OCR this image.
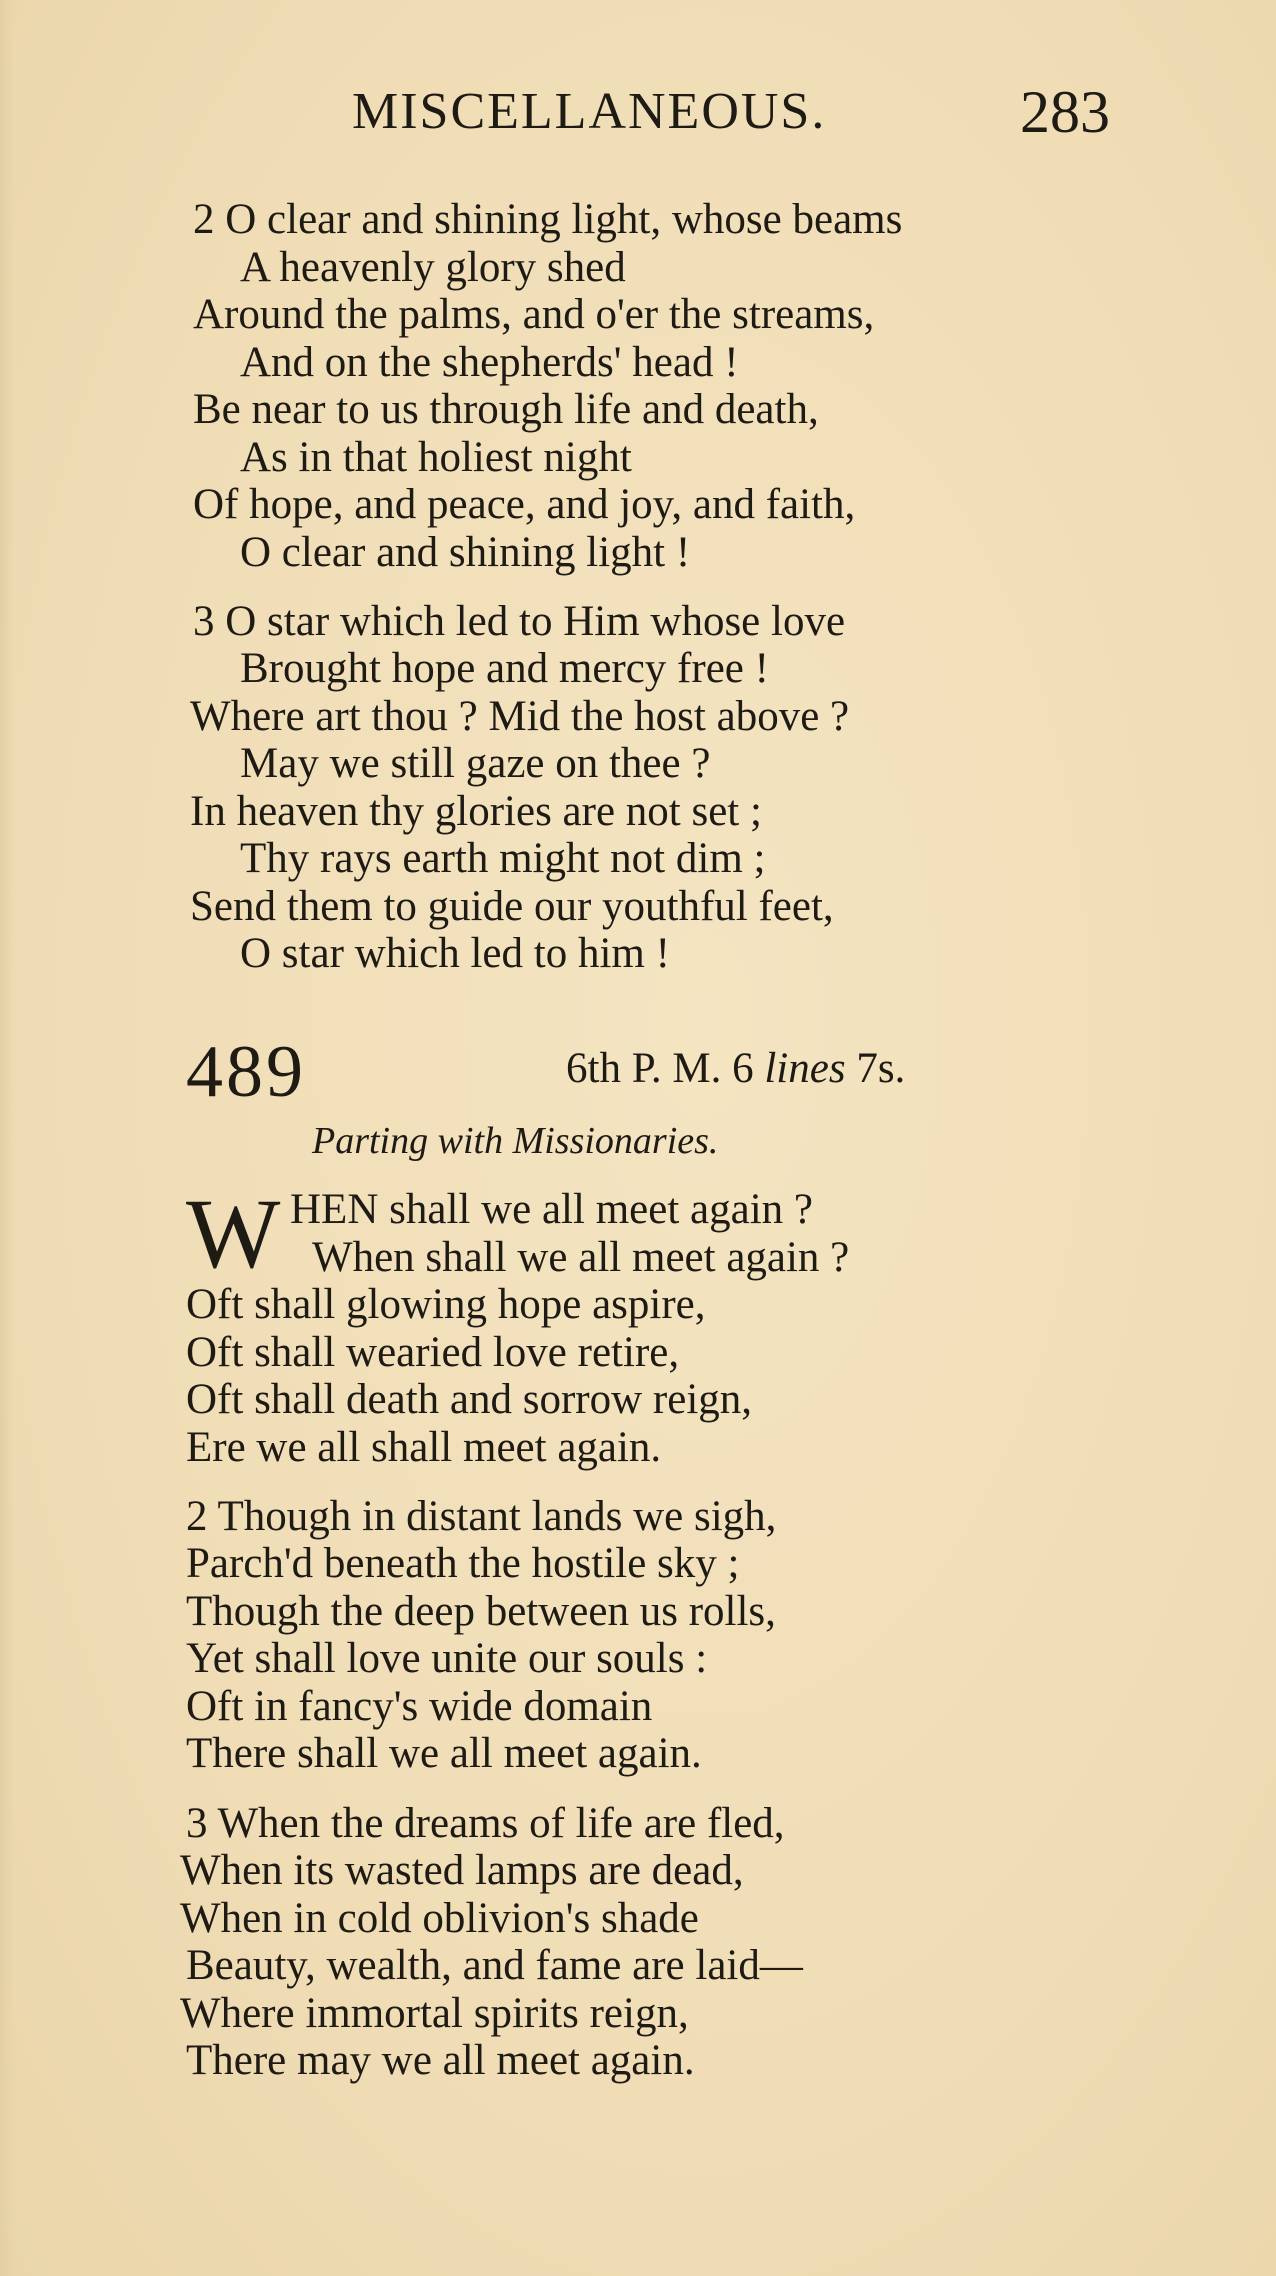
MISCELLANEOUS.	283
2 O clear and shining light, whose beams
A heavenly glory shed
Around the palms, and o'er the streams,
And on the shepherds' head !
Be near to us through life and death,
As in that holiest night
Of hope, and peace, and joy, and faith,
O clear and shining light !
3 O star which led to Him whose love
Brought hope and mercy free !
Where art thou ? Mid the host above ?
May we still gaze on thee ?
In heaven thy glories are not set ;
Thy rays earth might not dim ;
Send them to guide our youthful feet,
O star which led to him !
489	6th P. M. 6 lines 7s.
Parting with Missionaries.
W HEN shall we all meet again ?
When shall we all meet again ?
Oft shall glowing hope aspire,
Oft shall wearied love retire,
Oft shall death and sorrow reign,
Ere we all shall meet again.
2 Though in distant lands we sigh,
Parch'd beneath the hostile sky ;
Though the deep between us rolls,
Yet shall love unite our souls :
Oft in fancy's wide domain
There shall we all meet again.
3 When the dreams of life are fled,
When its wasted lamps are dead,
When in cold oblivion's shade
Beauty, wealth, and fame are laid—
Where immortal spirits reign,
There may we all meet again.
